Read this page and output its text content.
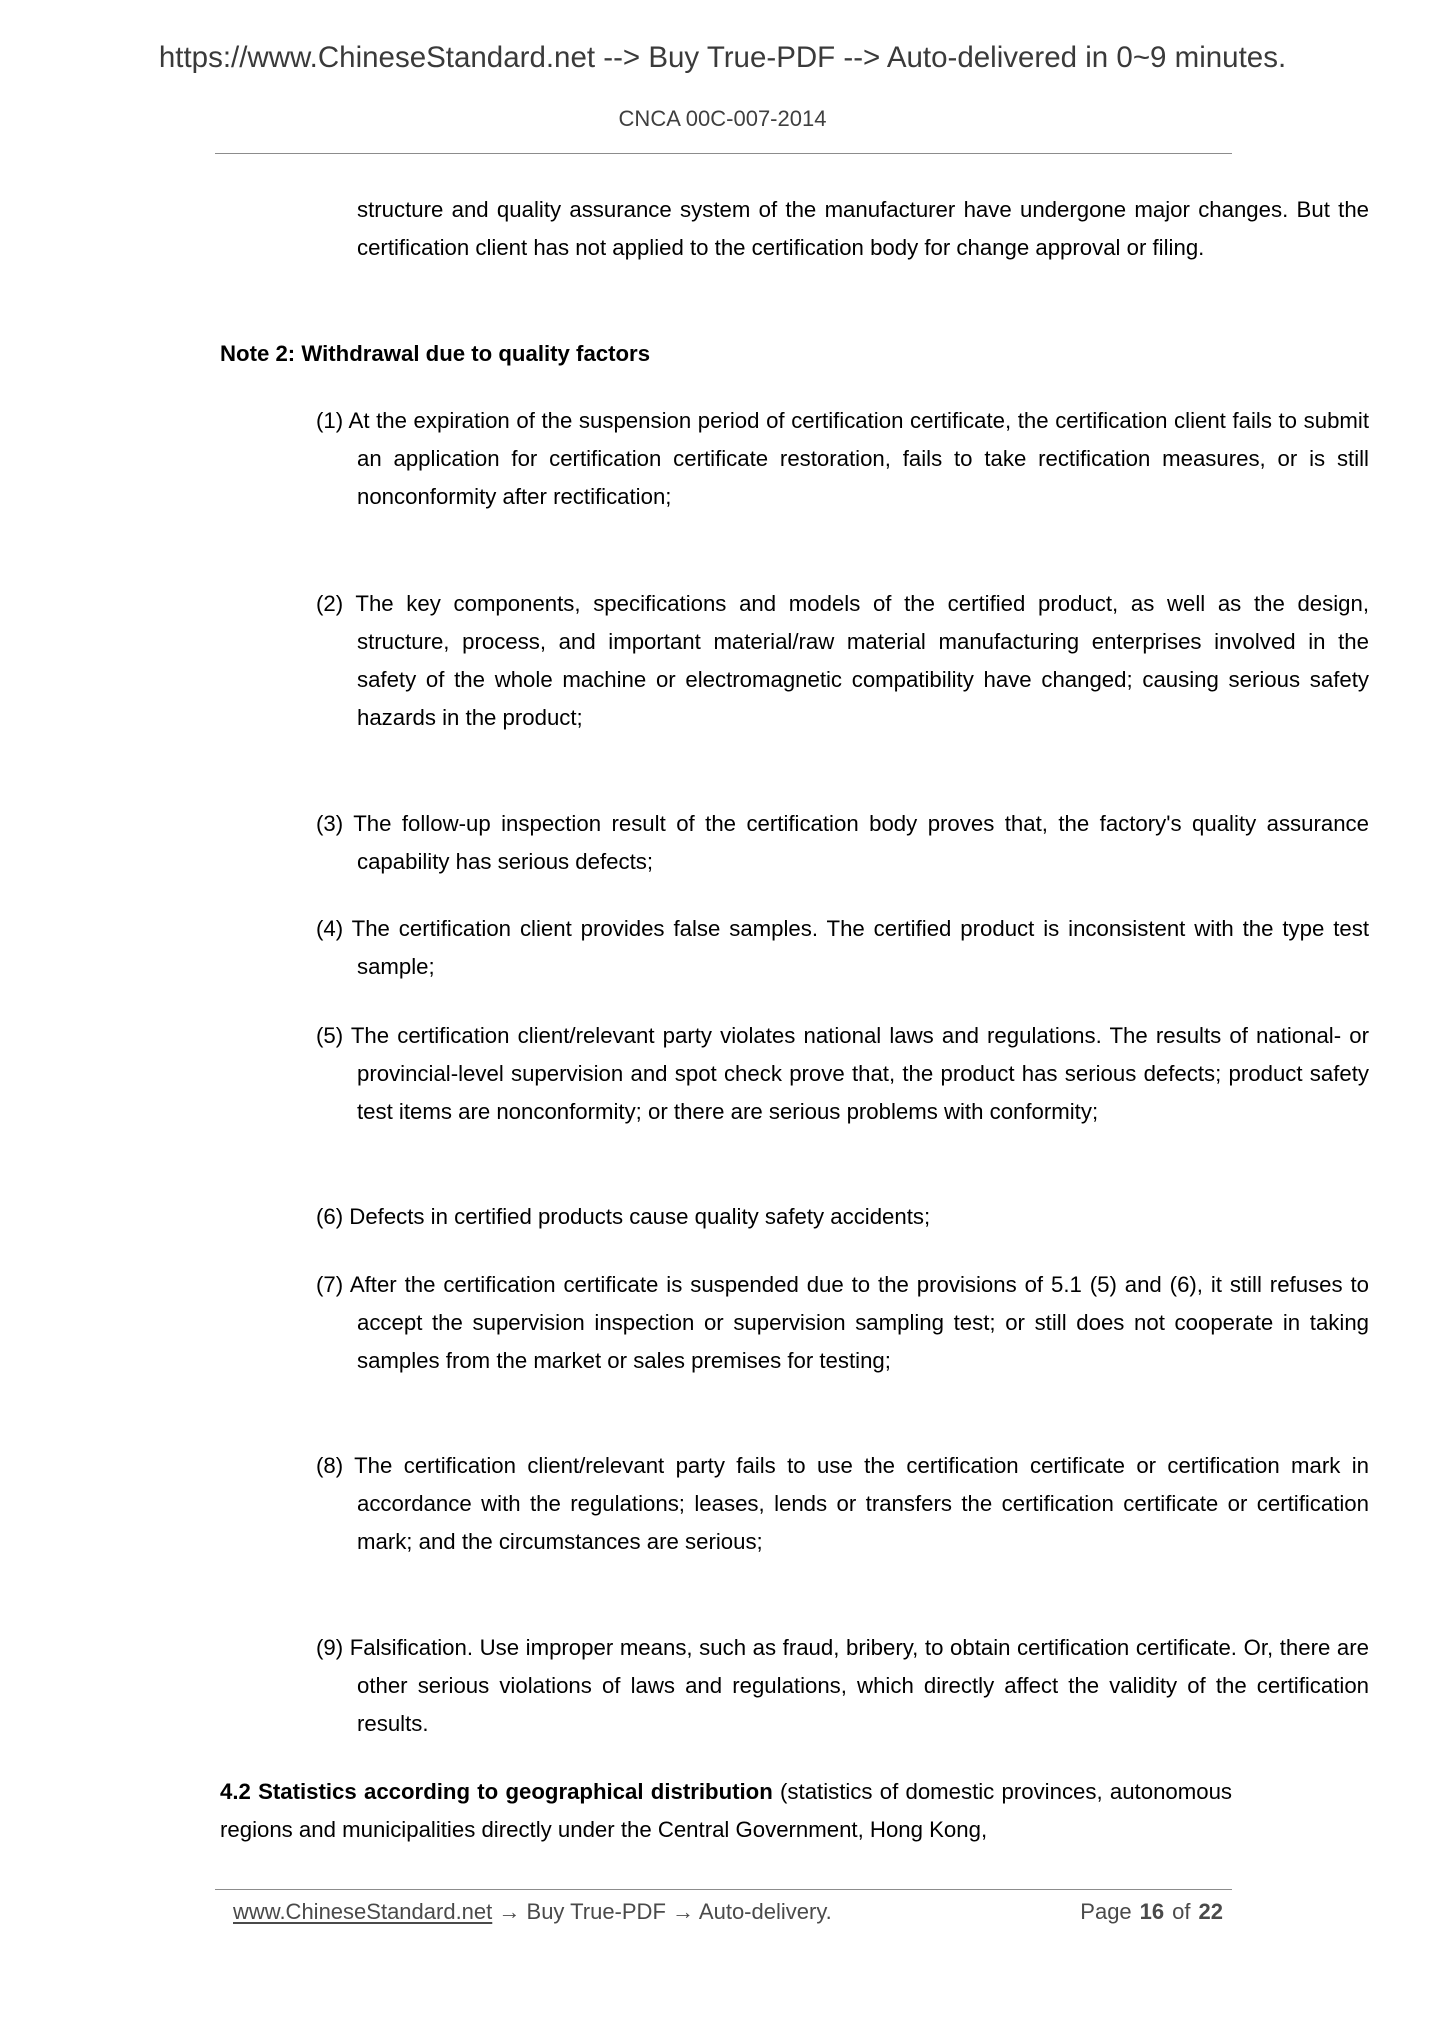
https://www.ChineseStandard.net --> Buy True-PDF --> Auto-delivered in 0~9 minutes.
CNCA 00C-007-2014
structure and quality assurance system of the manufacturer have undergone major changes. But the certification client has not applied to the certification body for change approval or filing.
Note 2: Withdrawal due to quality factors
(1) At the expiration of the suspension period of certification certificate, the certification client fails to submit an application for certification certificate restoration, fails to take rectification measures, or is still nonconformity after rectification;
(2) The key components, specifications and models of the certified product, as well as the design, structure, process, and important material/raw material manufacturing enterprises involved in the safety of the whole machine or electromagnetic compatibility have changed; causing serious safety hazards in the product;
(3) The follow-up inspection result of the certification body proves that, the factory's quality assurance capability has serious defects;
(4) The certification client provides false samples. The certified product is inconsistent with the type test sample;
(5) The certification client/relevant party violates national laws and regulations. The results of national- or provincial-level supervision and spot check prove that, the product has serious defects; product safety test items are nonconformity; or there are serious problems with conformity;
(6) Defects in certified products cause quality safety accidents;
(7) After the certification certificate is suspended due to the provisions of 5.1 (5) and (6), it still refuses to accept the supervision inspection or supervision sampling test; or still does not cooperate in taking samples from the market or sales premises for testing;
(8) The certification client/relevant party fails to use the certification certificate or certification mark in accordance with the regulations; leases, lends or transfers the certification certificate or certification mark; and the circumstances are serious;
(9) Falsification. Use improper means, such as fraud, bribery, to obtain certification certificate. Or, there are other serious violations of laws and regulations, which directly affect the validity of the certification results.
4.2 Statistics according to geographical distribution (statistics of domestic provinces, autonomous regions and municipalities directly under the Central Government, Hong Kong,
www.ChineseStandard.net → Buy True-PDF → Auto-delivery.	Page 16 of 22
